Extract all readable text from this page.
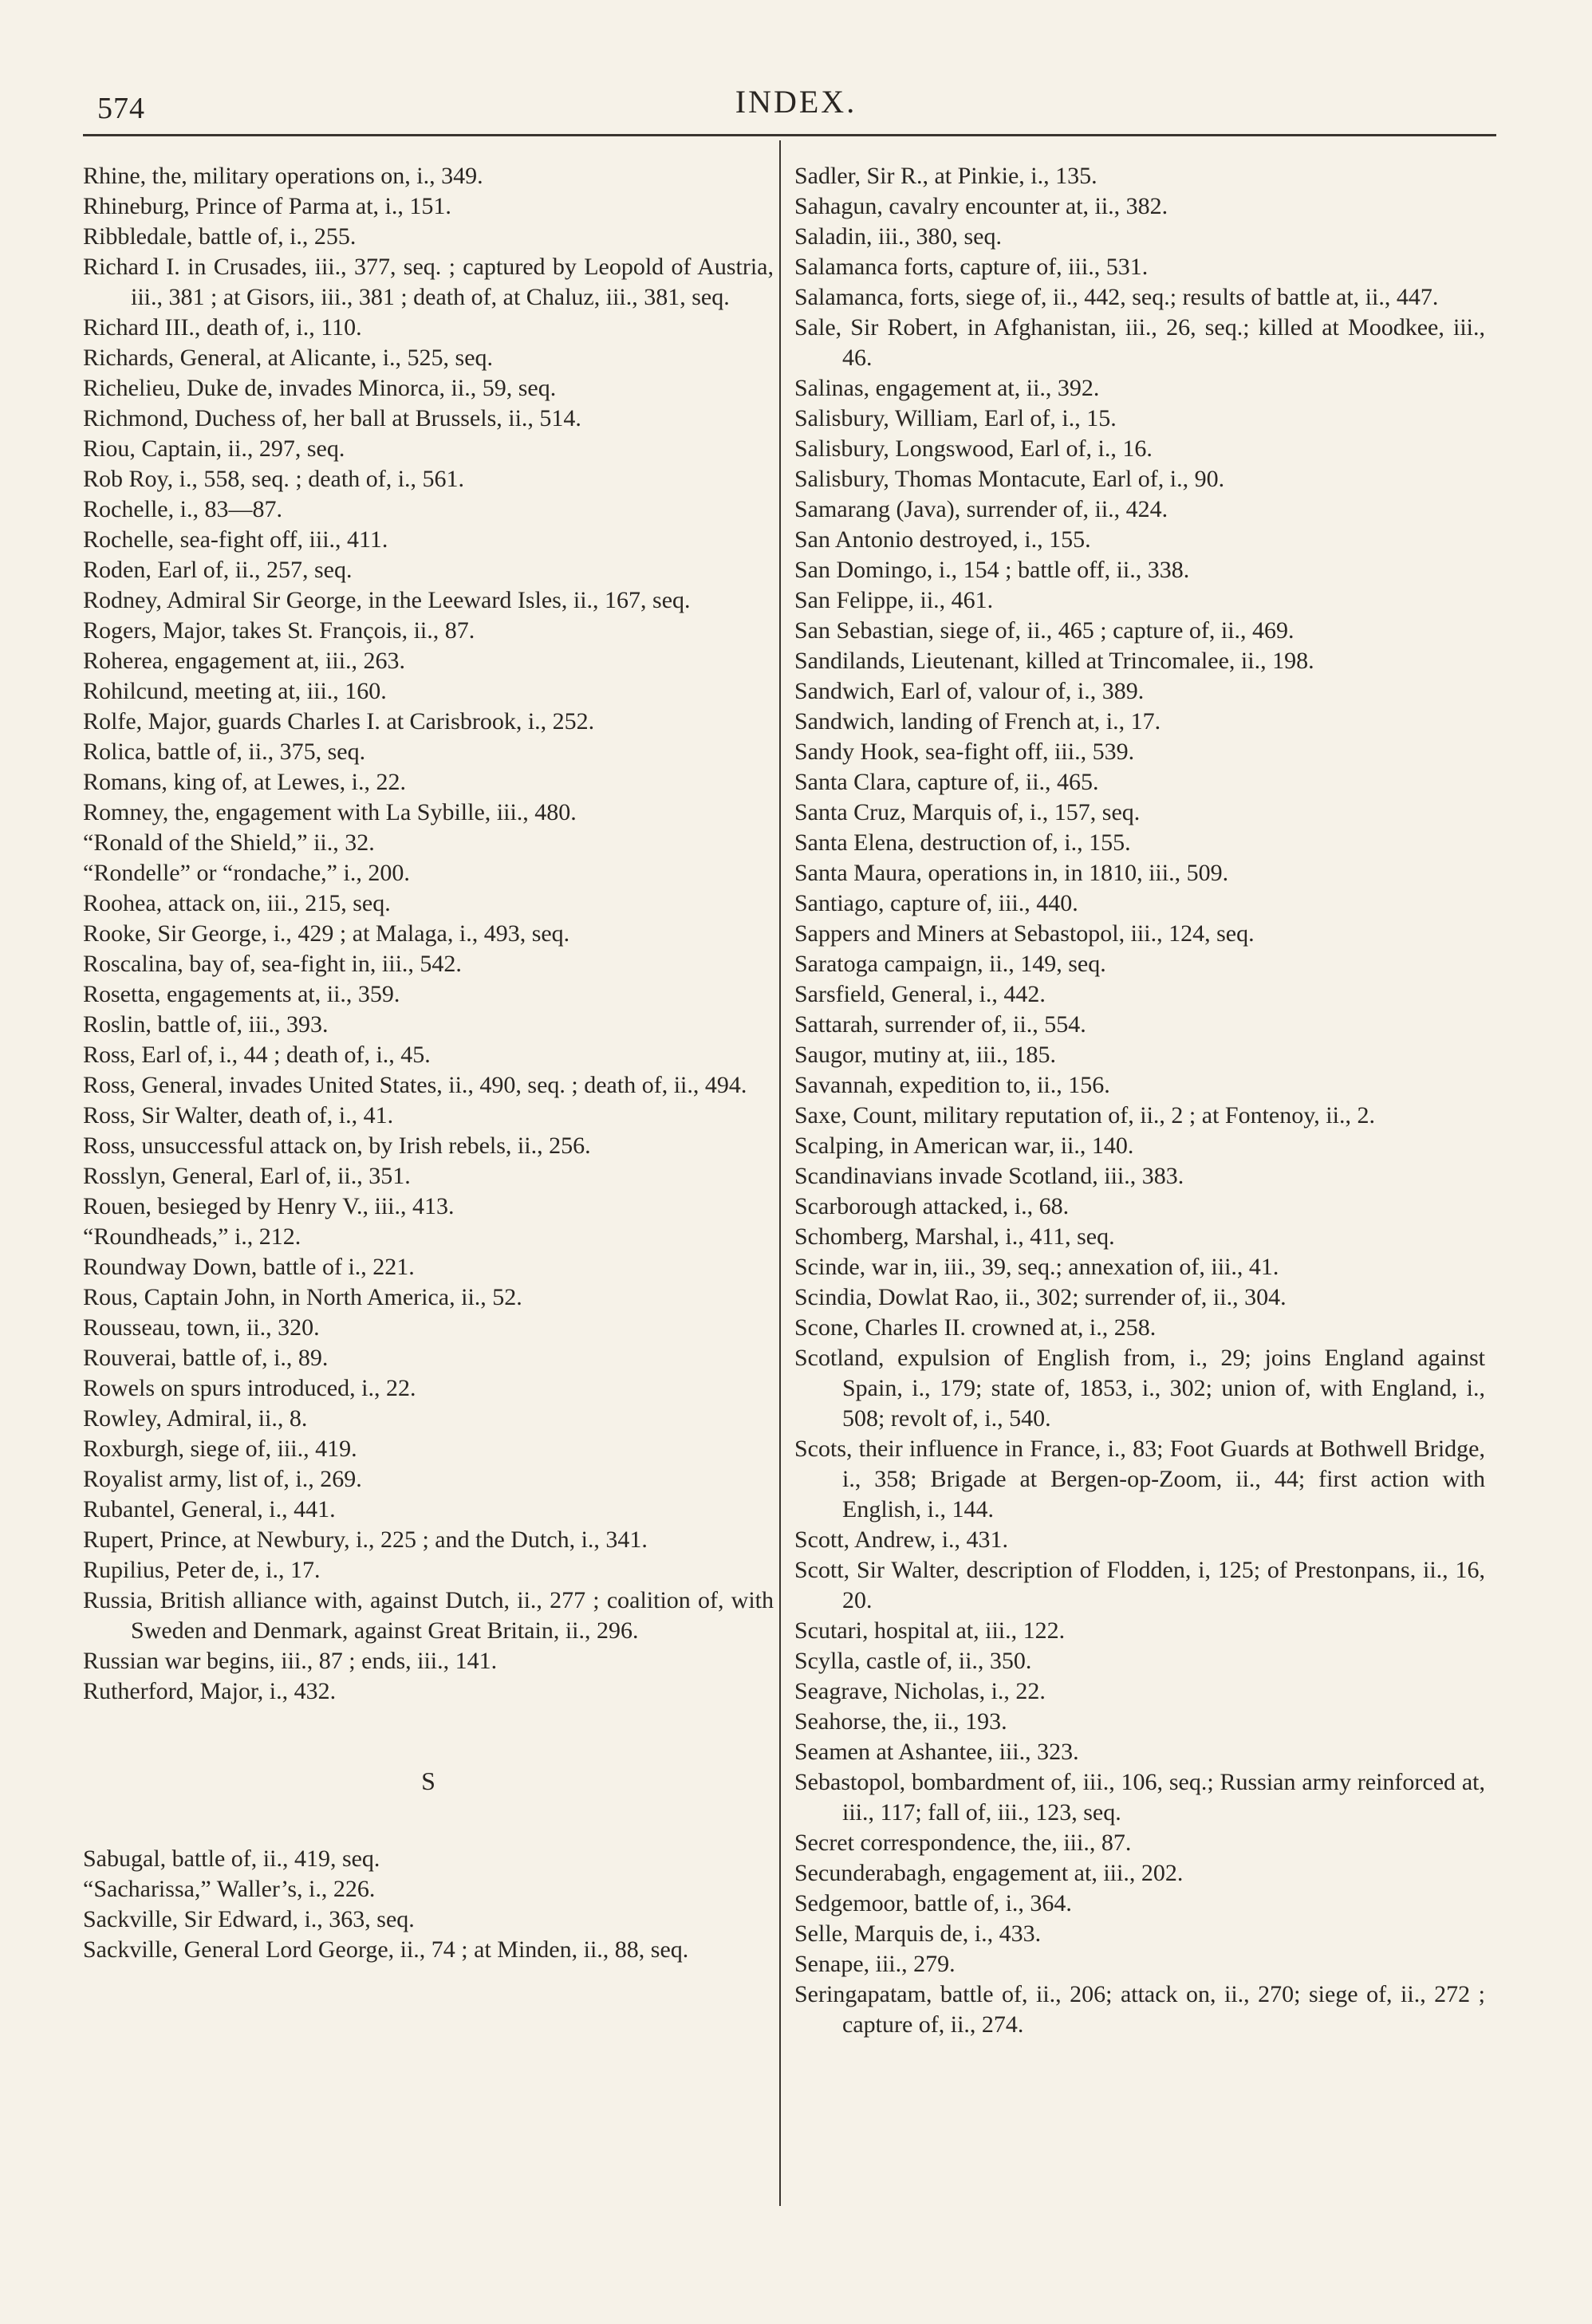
574	INDEX.

Rhine, the, military operations on, i., 349.

Rhineburg, Prince of Parma at, i., 151.

Ribbledale, battle of, i., 255.

Richard I. in Crusades, iii., 377, seq. ; captured by Leopold of Austria, iii., 381 ; at Gisors, iii., 381 ; death of, at Chaluz, iii., 381, seq.

Richard III., death of, i., 110.

Richards, General, at Alicante, i., 525, seq.

Richelieu, Duke de, invades Minorca, ii., 59, seq.

Richmond, Duchess of, her ball at Brussels, ii., 514.

Riou, Captain, ii., 297, seq.

Rob Roy, i., 558, seq. ; death of, i., 561.

Rochelle, i., 83—87.

Rochelle, sea-fight off, iii., 411.

Roden, Earl of, ii., 257, seq.

Rodney, Admiral Sir George, in the Leeward Isles, ii., 167, seq.

Rogers, Major, takes St. François, ii., 87.

Roherea, engagement at, iii., 263.

Rohilcund, meeting at, iii., 160.

Rolfe, Major, guards Charles I. at Carisbrook, i., 252.

Rolica, battle of, ii., 375, seq.

Romans, king of, at Lewes, i., 22.

Romney, the, engagement with La Sybille, iii., 480.

“Ronald of the Shield,” ii., 32.

“Rondelle” or “rondache,” i., 200.

Roohea, attack on, iii., 215, seq.

Rooke, Sir George, i., 429 ; at Malaga, i., 493, seq.

Roscalina, bay of, sea-fight in, iii., 542.

Rosetta, engagements at, ii., 359.

Roslin, battle of, iii., 393.

Ross, Earl of, i., 44 ; death of, i., 45.

Ross, General, invades United States, ii., 490, seq. ; death of, ii., 494.

Ross, Sir Walter, death of, i., 41.

Ross, unsuccessful attack on, by Irish rebels, ii., 256.

Rosslyn, General, Earl of, ii., 351.

Rouen, besieged by Henry V., iii., 413.

“Roundheads,” i., 212.

Roundway Down, battle of i., 221.

Rous, Captain John, in North America, ii., 52.

Rousseau, town, ii., 320.

Rouverai, battle of, i., 89.

Rowels on spurs introduced, i., 22.

Rowley, Admiral, ii., 8.

Roxburgh, siege of, iii., 419.

Royalist army, list of, i., 269.

Rubantel, General, i., 441.

Rupert, Prince, at Newbury, i., 225 ; and the Dutch, i., 341.

Rupilius, Peter de, i., 17.

Russia, British alliance with, against Dutch, ii., 277 ; coalition of, with Sweden and Denmark, against Great Britain, ii., 296.

Russian war begins, iii., 87 ; ends, iii., 141.

Rutherford, Major, i., 432.

S

Sabugal, battle of, ii., 419, seq.

“Sacharissa,” Waller’s, i., 226.

Sackville, Sir Edward, i., 363, seq.

Sackville, General Lord George, ii., 74 ; at Minden, ii., 88, seq.

Sadler, Sir R., at Pinkie, i., 135.

Sahagun, cavalry encounter at, ii., 382.

Saladin, iii., 380, seq.

Salamanca forts, capture of, iii., 531.

Salamanca, forts, siege of, ii., 442, seq.; results of battle at, ii., 447.

Sale, Sir Robert, in Afghanistan, iii., 26, seq.; killed at Moodkee, iii., 46.

Salinas, engagement at, ii., 392.

Salisbury, William, Earl of, i., 15.

Salisbury, Longswood, Earl of, i., 16.

Salisbury, Thomas Montacute, Earl of, i., 90.

Samarang (Java), surrender of, ii., 424.

San Antonio destroyed, i., 155.

San Domingo, i., 154 ; battle off, ii., 338.

San Felippe, ii., 461.

San Sebastian, siege of, ii., 465 ; capture of, ii., 469.

Sandilands, Lieutenant, killed at Trincomalee, ii., 198.

Sandwich, Earl of, valour of, i., 389.

Sandwich, landing of French at, i., 17.

Sandy Hook, sea-fight off, iii., 539.

Santa Clara, capture of, ii., 465.

Santa Cruz, Marquis of, i., 157, seq.

Santa Elena, destruction of, i., 155.

Santa Maura, operations in, in 1810, iii., 509.

Santiago, capture of, iii., 440.

Sappers and Miners at Sebastopol, iii., 124, seq.

Saratoga campaign, ii., 149, seq.

Sarsfield, General, i., 442.

Sattarah, surrender of, ii., 554.

Saugor, mutiny at, iii., 185.

Savannah, expedition to, ii., 156.

Saxe, Count, military reputation of, ii., 2 ; at Fontenoy, ii., 2.

Scalping, in American war, ii., 140.

Scandinavians invade Scotland, iii., 383.

Scarborough attacked, i., 68.

Schomberg, Marshal, i., 411, seq.

Scinde, war in, iii., 39, seq.; annexation of, iii., 41.

Scindia, Dowlat Rao, ii., 302; surrender of, ii., 304.

Scone, Charles II. crowned at, i., 258.

Scotland, expulsion of English from, i., 29; joins England against Spain, i., 179; state of, 1853, i., 302; union of, with England, i., 508; revolt of, i., 540.

Scots, their influence in France, i., 83; Foot Guards at Bothwell Bridge, i., 358; Brigade at Bergen-op-Zoom, ii., 44; first action with English, i., 144.

Scott, Andrew, i., 431.

Scott, Sir Walter, description of Flodden, i, 125; of Prestonpans, ii., 16, 20.

Scutari, hospital at, iii., 122.

Scylla, castle of, ii., 350.

Seagrave, Nicholas, i., 22.

Seahorse, the, ii., 193.

Seamen at Ashantee, iii., 323.

Sebastopol, bombardment of, iii., 106, seq.; Russian army reinforced at, iii., 117; fall of, iii., 123, seq.

Secret correspondence, the, iii., 87.

Secunderabagh, engagement at, iii., 202.

Sedgemoor, battle of, i., 364.

Selle, Marquis de, i., 433.

Senape, iii., 279.

Seringapatam, battle of, ii., 206; attack on, ii., 270; siege of, ii., 272 ; capture of, ii., 274.
